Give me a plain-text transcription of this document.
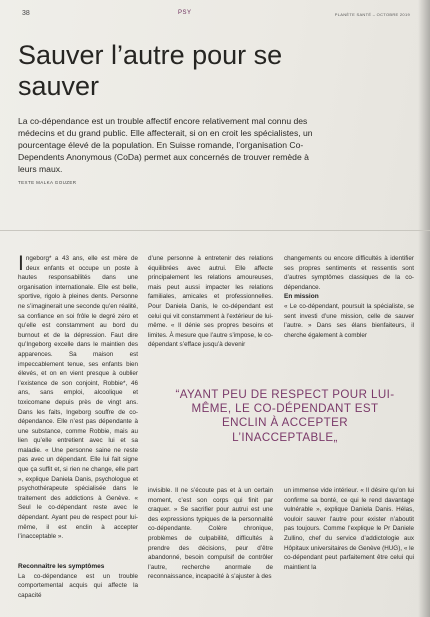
38	PSY	PLANÈTE SANTÉ – OCTOBRE 2019
Sauver l’autre pour se sauver

La co-dépendance est un trouble affectif encore relativement mal connu des médecins et du grand public. Elle affecterait, si on en croit les spécialistes, un pourcentage élevé de la population. En Suisse romande, l’organisation Co-Dependents Anonymous (CoDa) permet aux concernés de trouver remède à leurs maux.

TEXTE MALKA GOUZER
I ngeborg* a 43 ans, elle est mère de deux enfants et occupe un poste à hautes responsabilités dans une organisation internationale. Elle est belle, sportive, rigolo à pleines dents. Personne ne s’imaginerait une seconde qu’en réalité, sa confiance en soi frôle le degré zéro et qu’elle est constamment au bord du burnout et de la dépression. Faut dire qu’Ingeborg excelle dans le maintien des apparences. Sa maison est impeccablement tenue, ses enfants bien élevés, et on en vient presque à oublier l’existence de son conjoint, Robbie*, 46 ans, sans emploi, alcoolique et toxicomane depuis près de vingt ans. Dans les faits, Ingeborg souffre de co-dépendance. Elle n’est pas dépendante à une substance, comme Robbie, mais au lien qu’elle entretient avec lui et sa maladie. « Une personne saine ne reste pas avec un dépendant. Elle lui fait signe que ça suffit et, si rien ne change, elle part », explique Daniela Danis, psychologue et psychothérapeute spécialisée dans le traitement des addictions à Genève. « Seul le co-dépendant reste avec le dépendant. Ayant peu de respect pour lui-même, il est enclin à accepter l’inacceptable ».

d’une personne à entretenir des relations équilibrées avec autrui. Elle affecte principalement les relations amoureuses, mais peut aussi impacter les relations familiales, amicales et professionnelles. Pour Daniela Danis, le co-dépendant est celui qui vit constamment à l’extérieur de lui-même. « Il dénie ses propres besoins et limites. À mesure que l’autre s’impose, le co-dépendant s’efface jusqu’à devenir

changements ou encore difficultés à identifier ses propres sentiments et ressentis sont d’autres symptômes classiques de la co-dépendance.

En mission

« Le co-dépendant, poursuit la spécialiste, se sent investi d’une mission, celle de sauver l’autre. » Dans ses élans bienfaiteurs, il cherche également à combler

“AYANT PEU DE RESPECT POUR LUI-MÊME, LE CO-DÉPENDANT EST ENCLIN À ACCEPTER L’INACCEPTABLE„

invisible. Il ne s’écoute pas et à un certain moment, c’est son corps qui finit par craquer. » Se sacrifier pour autrui est une des expressions typiques de la personnalité co-dépendante. Colère chronique, problèmes de culpabilité, difficultés à prendre des décisions, peur d’être abandonné, besoin compulsif de contrôler l’autre, recherche anormale de reconnaissance, incapacité à s’ajuster à des

un immense vide intérieur. « Il désire qu’on lui confirme sa bonté, ce qui le rend davantage vulnérable », explique Daniela Danis. Hélas, vouloir sauver l’autre pour exister n’aboutit pas toujours. Comme l’explique le Pr Daniele Zullino, chef du service d’addictologie aux Hôpitaux universitaires de Genève (HUG), « le co-dépendant peut parfaitement être celui qui maintient la

Reconnaître les symptômes

La co-dépendance est un trouble comportemental acquis qui affecte la capacité
